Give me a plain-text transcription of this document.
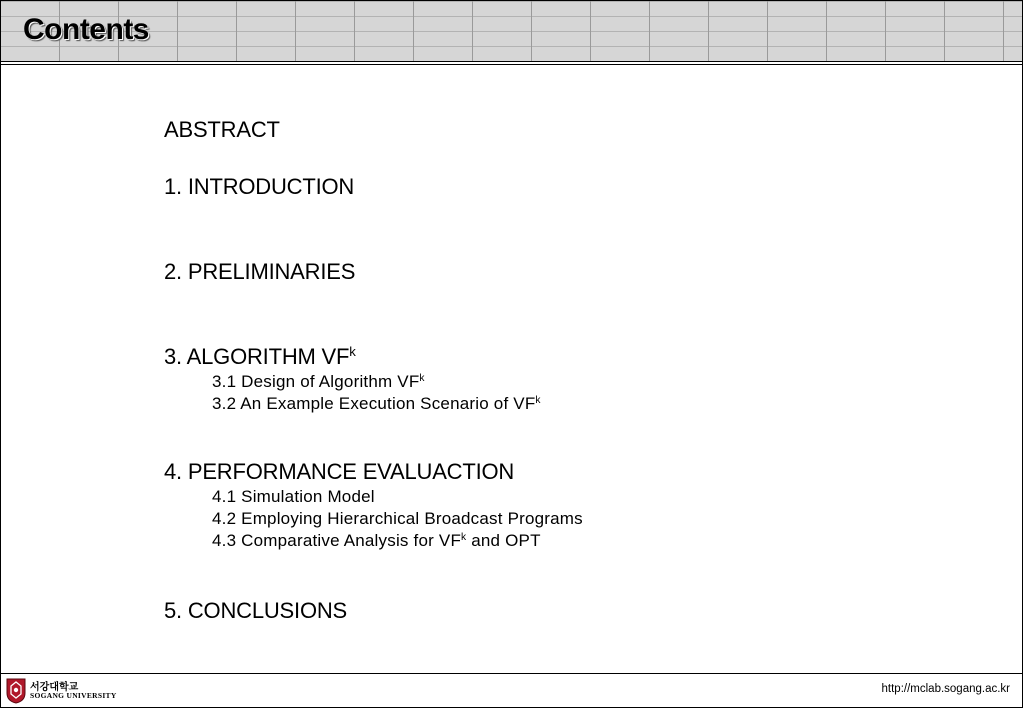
Contents
ABSTRACT
1. INTRODUCTION
2. PRELIMINARIES
3. ALGORITHM $VF^k$
3.1 Design of Algorithm $VF^k$
3.2 An Example Execution Scenario of $VF^k$
4. PERFORMANCE EVALUACTION
4.1 Simulation Model
4.2 Employing Hierarchical Broadcast Programs
4.3 Comparative Analysis for $VF^k$ and OPT
5. CONCLUSIONS
서강대학교
SOGANG UNIVERSITY
http://mclab.sogang.ac.kr
